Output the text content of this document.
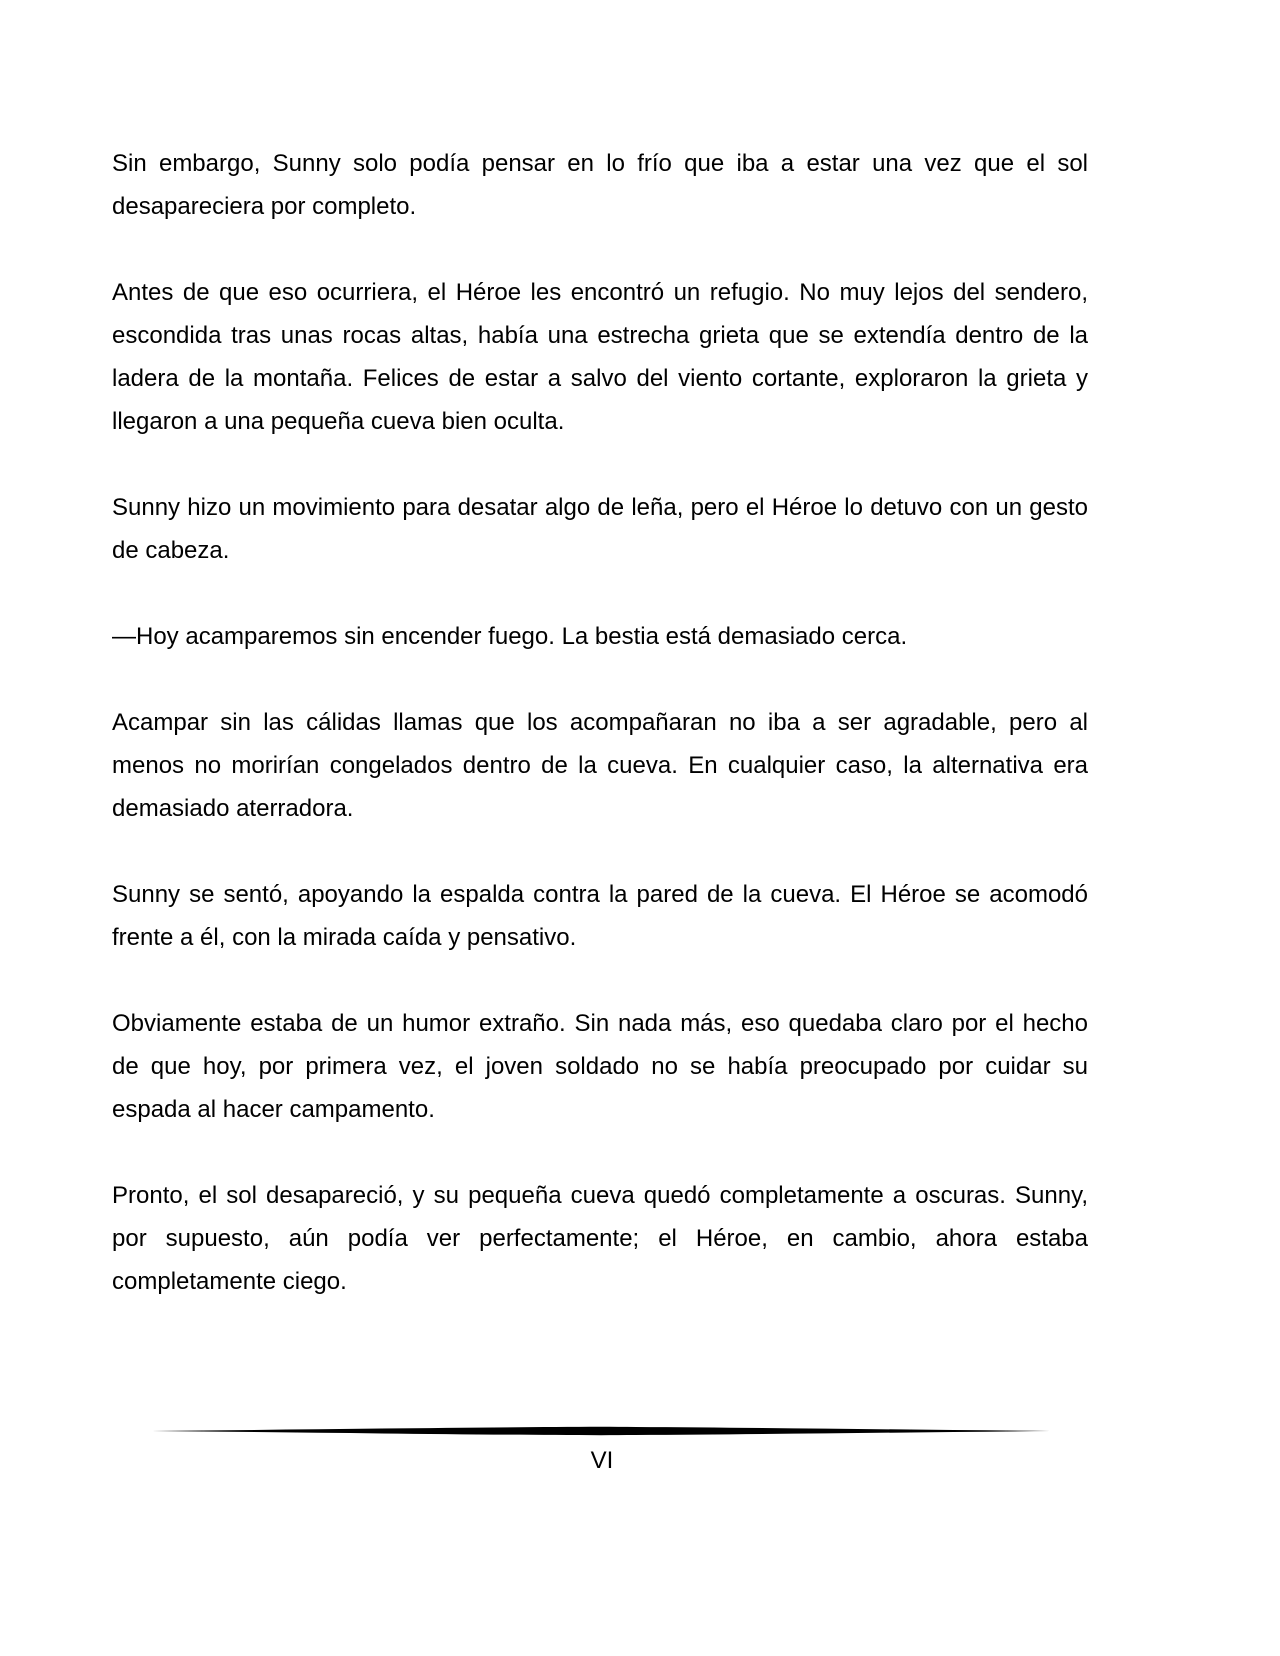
Sin embargo, Sunny solo podía pensar en lo frío que iba a estar una vez que el sol desapareciera por completo.

Antes de que eso ocurriera, el Héroe les encontró un refugio. No muy lejos del sendero, escondida tras unas rocas altas, había una estrecha grieta que se extendía dentro de la ladera de la montaña. Felices de estar a salvo del viento cortante, exploraron la grieta y llegaron a una pequeña cueva bien oculta.

Sunny hizo un movimiento para desatar algo de leña, pero el Héroe lo detuvo con un gesto de cabeza.

—Hoy acamparemos sin encender fuego. La bestia está demasiado cerca.

Acampar sin las cálidas llamas que los acompañaran no iba a ser agradable, pero al menos no morirían congelados dentro de la cueva. En cualquier caso, la alternativa era demasiado aterradora.

Sunny se sentó, apoyando la espalda contra la pared de la cueva. El Héroe se acomodó frente a él, con la mirada caída y pensativo.

Obviamente estaba de un humor extraño. Sin nada más, eso quedaba claro por el hecho de que hoy, por primera vez, el joven soldado no se había preocupado por cuidar su espada al hacer campamento.

Pronto, el sol desapareció, y su pequeña cueva quedó completamente a oscuras. Sunny, por supuesto, aún podía ver perfectamente; el Héroe, en cambio, ahora estaba completamente ciego.

VI
